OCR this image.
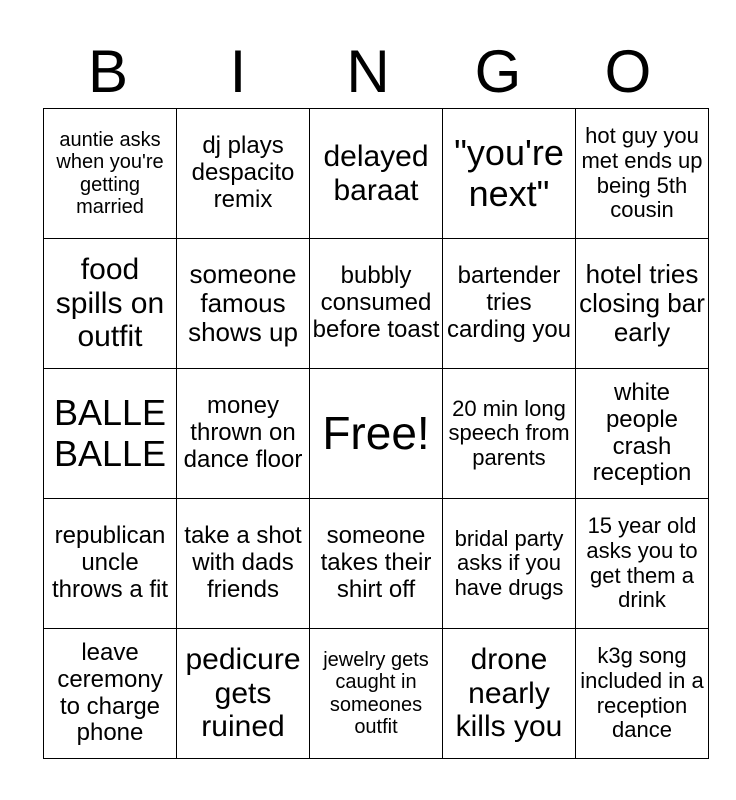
B	I	N	G	O
auntie asks when you're getting married	dj plays despacito remix	delayed baraat	"you're next"	hot guy you met ends up being 5th cousin
food spills on outfit	someone famous shows up	bubbly consumed before toast	bartender tries carding you	hotel tries closing bar early
BALLE BALLE	money thrown on dance floor	Free!	20 min long speech from parents	white people crash reception
republican uncle throws a fit	take a shot with dads friends	someone takes their shirt off	bridal party asks if you have drugs	15 year old asks you to get them a drink
leave ceremony to charge phone	pedicure gets ruined	jewelry gets caught in someones outfit	drone nearly kills you	k3g song included in a reception dance
